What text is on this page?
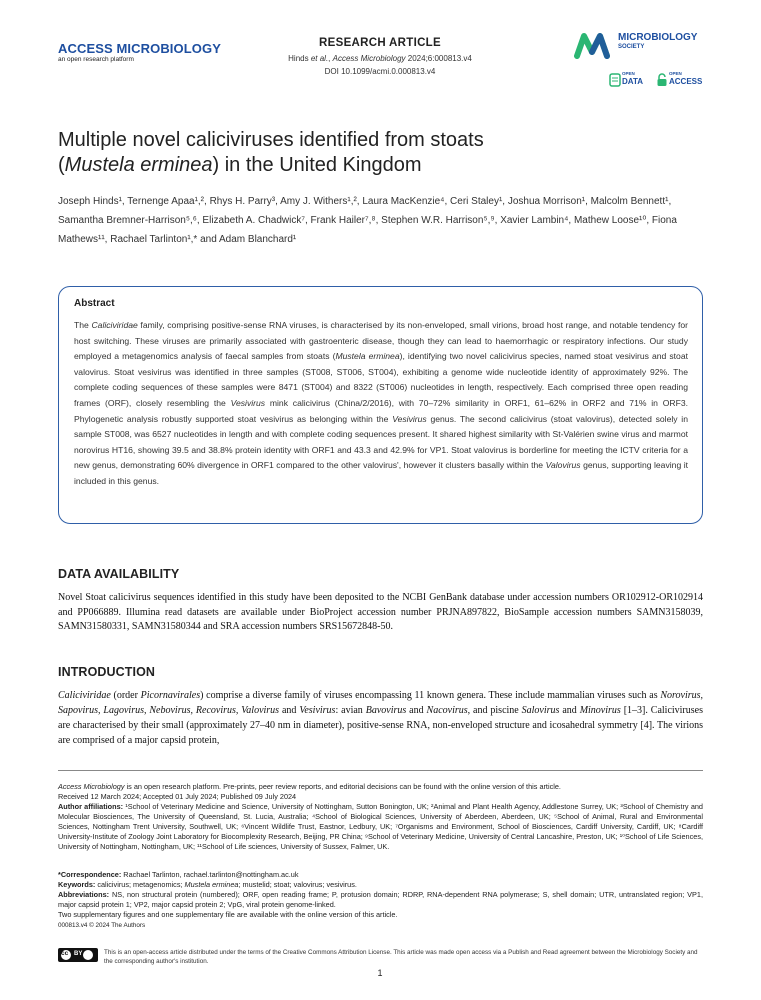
ACCESS MICROBIOLOGY
an open research platform
RESEARCH ARTICLE
Hinds et al., Access Microbiology 2024;6:000813.v4
DOI 10.1099/acmi.0.000813.v4
MICROBIOLOGY
SOCIETY
OPEN
DATA
OPEN
ACCESS
Multiple novel caliciviruses identified from stoats
(Mustela erminea) in the United Kingdom
Joseph Hinds¹, Ternenge Apaa¹,², Rhys H. Parry³, Amy J. Withers¹,², Laura MacKenzie⁴, Ceri Staley¹, Joshua Morrison¹, Malcolm Bennett¹, Samantha Bremner-Harrison⁵,⁶, Elizabeth A. Chadwick⁷, Frank Hailer⁷,⁸, Stephen W.R. Harrison⁵,⁹, Xavier Lambin⁴, Mathew Loose¹⁰, Fiona Mathews¹¹, Rachael Tarlinton¹,* and Adam Blanchard¹
Abstract
The Caliciviridae family, comprising positive-sense RNA viruses, is characterised by its non-enveloped, small virions, broad host range, and notable tendency for host switching. These viruses are primarily associated with gastroenteric disease, though they can lead to haemorrhagic or respiratory infections. Our study employed a metagenomics analysis of faecal samples from stoats (Mustela erminea), identifying two novel calicivirus species, named stoat vesivirus and stoat valovirus. Stoat vesivirus was identified in three samples (ST008, ST006, ST004), exhibiting a genome wide nucleotide identity of approximately 92%. The complete coding sequences of these samples were 8471 (ST004) and 8322 (ST006) nucleotides in length, respectively. Each comprised three open reading frames (ORF), closely resembling the Vesivirus mink calicivirus (China/2/2016), with 70–72% similarity in ORF1, 61–62% in ORF2 and 71% in ORF3. Phylogenetic analysis robustly supported stoat vesivirus as belonging within the Vesivirus genus. The second calicivirus (stoat valovirus), detected solely in sample ST008, was 6527 nucleotides in length and with complete coding sequences present. It shared highest similarity with St-Valérien swine virus and marmot norovirus HT16, showing 39.5 and 38.8% protein identity with ORF1 and 43.3 and 42.9% for VP1. Stoat valovirus is borderline for meeting the ICTV criteria for a new genus, demonstrating 60% divergence in ORF1 compared to the other valovirus', however it clusters basally within the Valovirus genus, supporting leaving it included in this genus.
DATA AVAILABILITY
Novel Stoat calicivirus sequences identified in this study have been deposited to the NCBI GenBank database under accession numbers OR102912-OR102914 and PP066889. Illumina read datasets are available under BioProject accession number PRJNA897822, BioSample accession numbers SAMN3158039, SAMN31580331, SAMN31580344 and SRA accession numbers SRS15672848-50.
INTRODUCTION
Caliciviridae (order Picornavirales) comprise a diverse family of viruses encompassing 11 known genera. These include mammalian viruses such as Norovirus, Sapovirus, Lagovirus, Nebovirus, Recovirus, Valovirus and Vesivirus: avian Bavovirus and Nacovirus, and piscine Salovirus and Minovirus [1–3]. Caliciviruses are characterised by their small (approximately 27–40 nm in diameter), positive-sense RNA, non-enveloped structure and icosahedral symmetry [4]. The virions are comprised of a major capsid protein,
Access Microbiology is an open research platform. Pre-prints, peer review reports, and editorial decisions can be found with the online version of this article.
Received 12 March 2024; Accepted 01 July 2024; Published 09 July 2024
Author affiliations: ¹School of Veterinary Medicine and Science, University of Nottingham, Sutton Bonington, UK; ²Animal and Plant Health Agency, Addlestone Surrey, UK; ³School of Chemistry and Molecular Biosciences, The University of Queensland, St. Lucia, Australia; ⁴School of Biological Sciences, University of Aberdeen, Aberdeen, UK; ⁵School of Animal, Rural and Environmental Sciences, Nottingham Trent University, Southwell, UK; ⁶Vincent Wildlife Trust, Eastnor, Ledbury, UK; ⁷Organisms and Environment, School of Biosciences, Cardiff University, Cardiff, UK; ⁸Cardiff University-Institute of Zoology Joint Laboratory for Biocomplexity Research, Beijing, PR China; ⁹School of Veterinary Medicine, University of Central Lancashire, Preston, UK; ¹⁰School of Life Sciences, University of Nottingham, Nottingham, UK; ¹¹School of Life sciences, University of Sussex, Falmer, UK.
*Correspondence: Rachael Tarlinton, rachael.tarlinton@nottingham.ac.uk
Keywords: calicivirus; metagenomics; Mustela erminea; mustelid; stoat; valovirus; vesivirus.
Abbreviations: NS, non structural protein (numbered); ORF, open reading frame; P, protusion domain; RDRP, RNA-dependent RNA polymerase; S, shell domain; UTR, untranslated region; VP1, major capsid protein 1; VP2, major capsid protein 2; VpG, viral protein genome-linked.
Two supplementary figures and one supplementary file are available with the online version of this article.
000813.v4 © 2024 The Authors
cc BY	This is an open-access article distributed under the terms of the Creative Commons Attribution License. This article was made open access via a Publish and Read agreement between the Microbiology Society and the corresponding author's institution.
1
